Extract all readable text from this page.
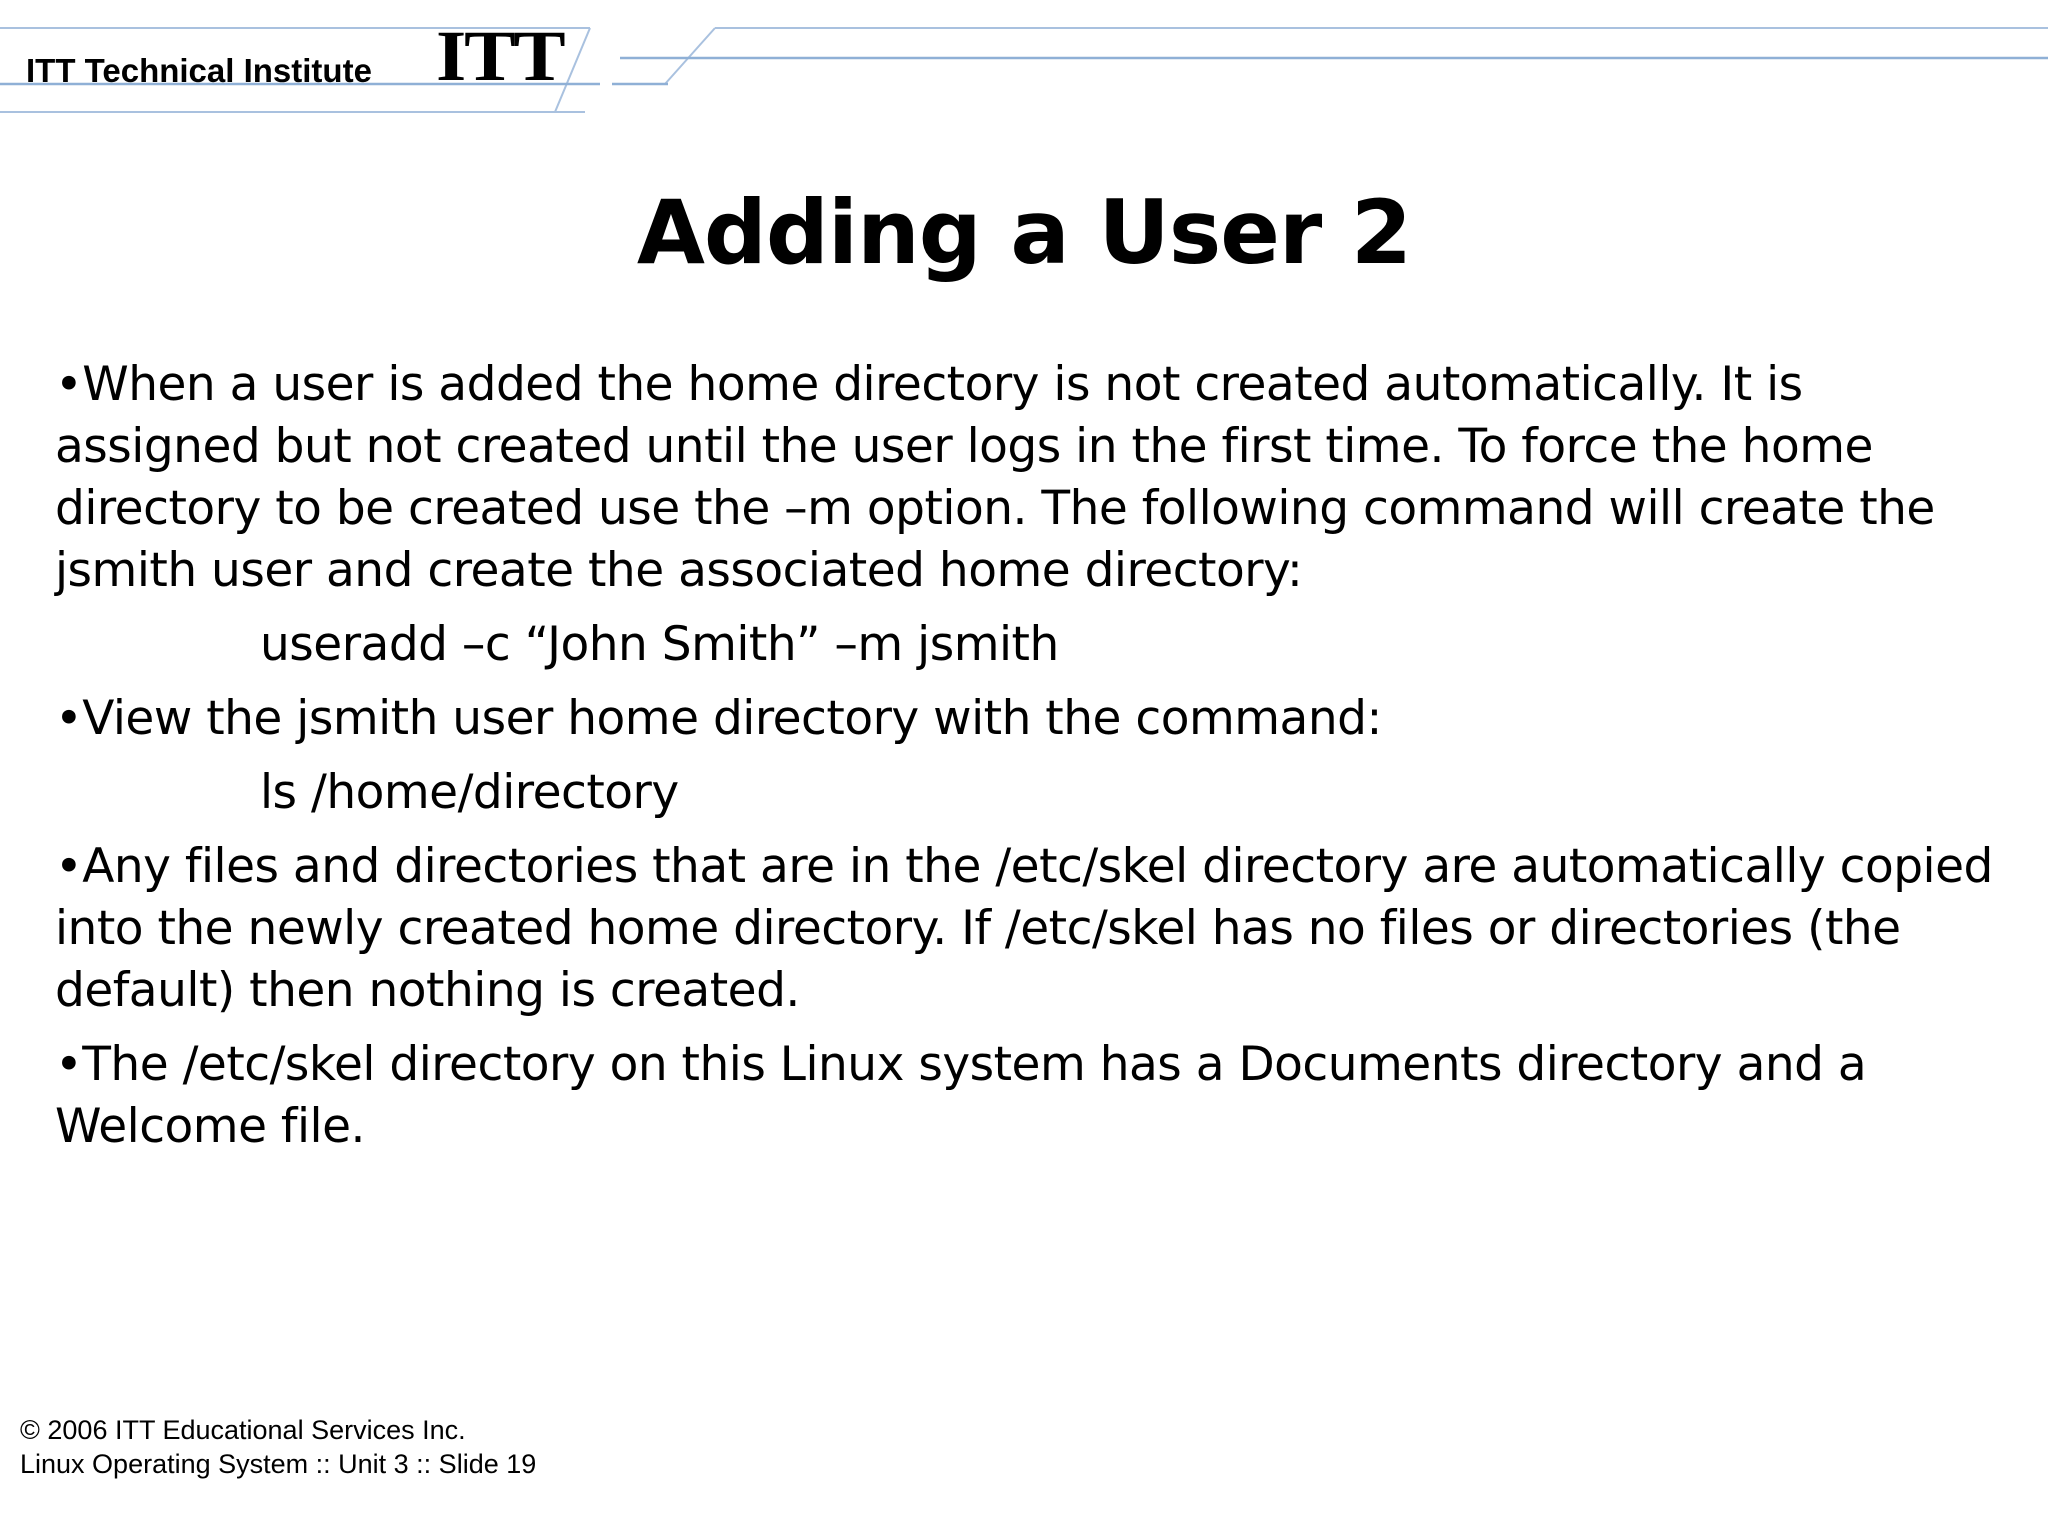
ITT Technical Institute ITT
Adding a User 2

•When a user is added the home directory is not created automatically. It is assigned but not created until the user logs in the first time. To force the home directory to be created use the –m option. The following command will create the jsmith user and create the associated home directory:

useradd –c “John Smith” –m jsmith

•View the jsmith user home directory with the command:

ls /home/directory

•Any files and directories that are in the /etc/skel directory are automatically copied into the newly created home directory. If /etc/skel has no files or directories (the default) then nothing is created.

•The /etc/skel directory on this Linux system has a Documents directory and a Welcome file.

© 2006 ITT Educational Services Inc.
Linux Operating System :: Unit 3 :: Slide 19
